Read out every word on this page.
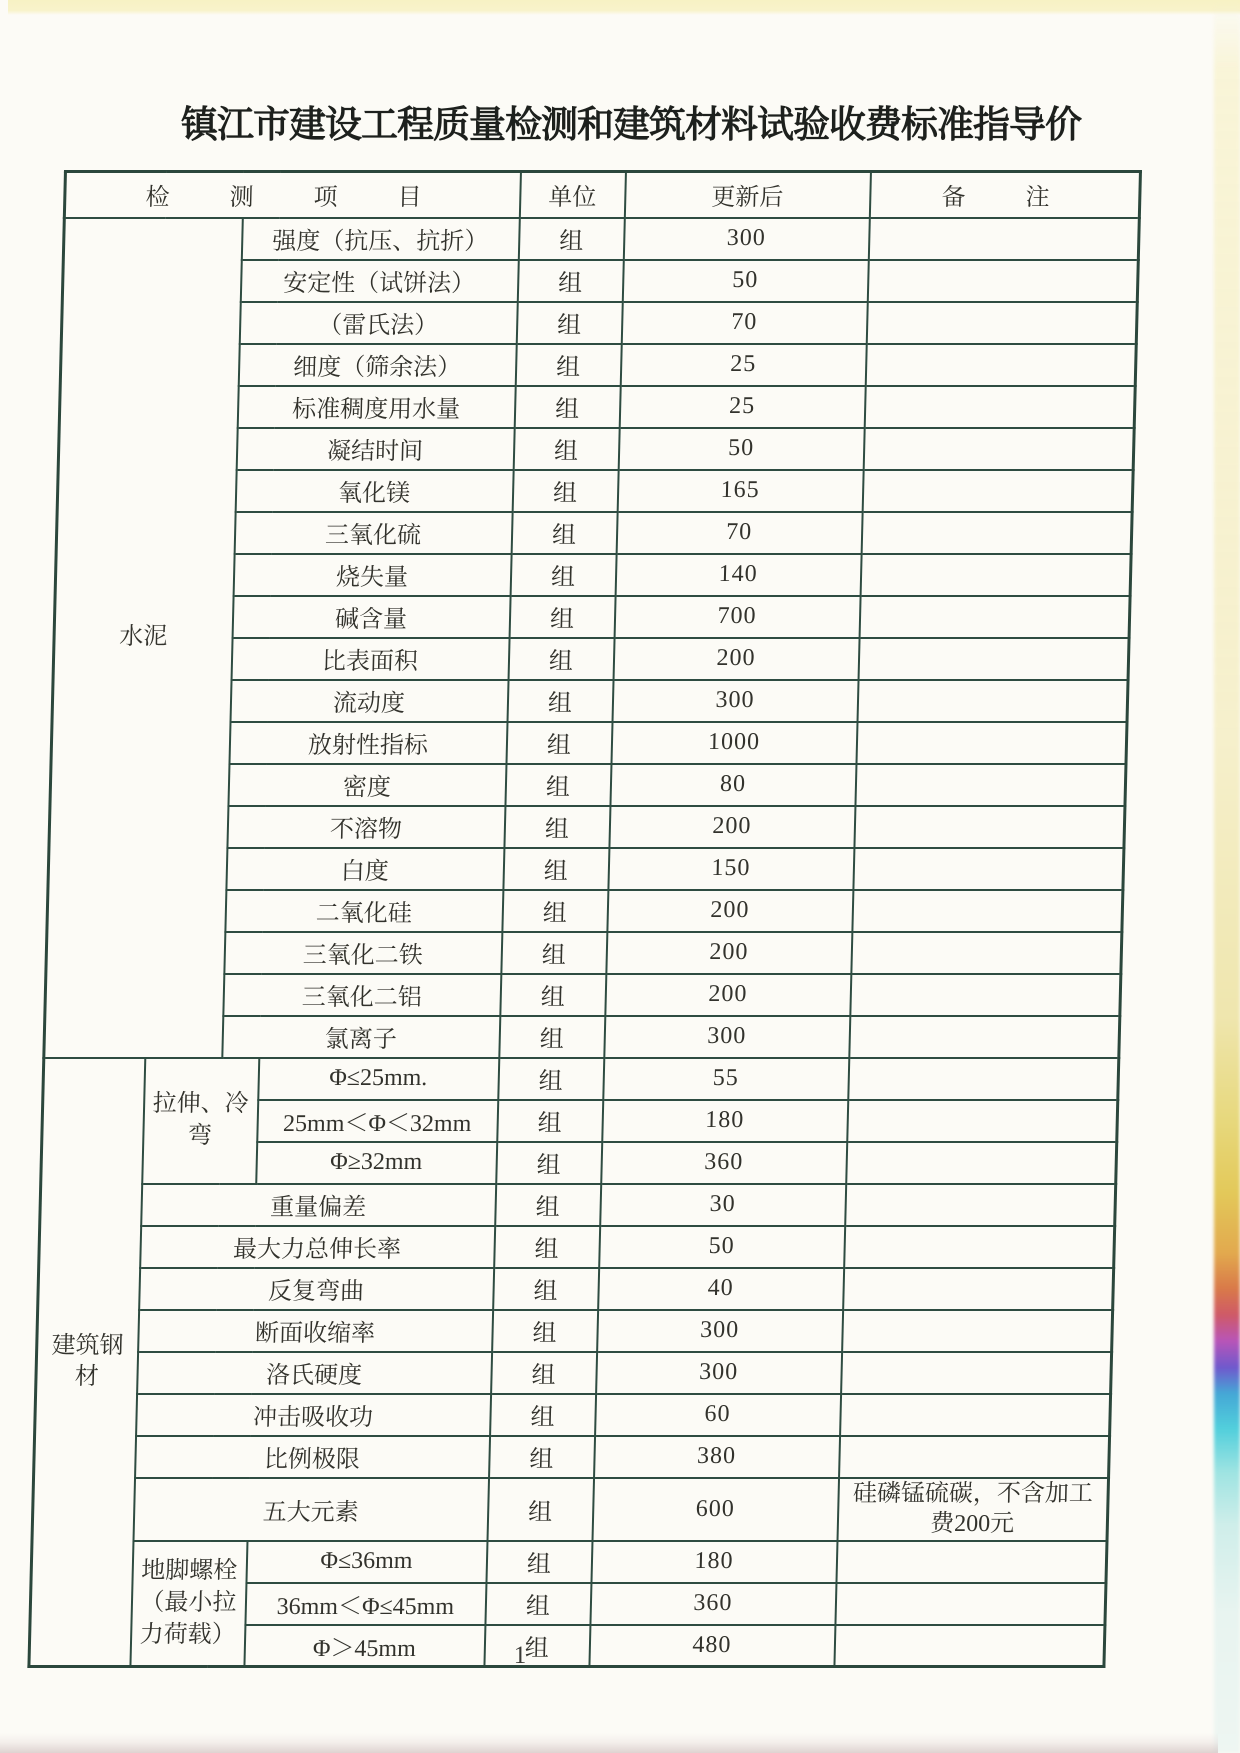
镇江市建设工程质量检测和建筑材料试验收费标准指导价
检　测　项　目				单位	更新后	备　注
水泥		强度（抗压、抗折）		组	300	
		安定性（试饼法）		组	50	
		（雷氏法）		组	70	
		细度（筛余法）		组	25	
		标准稠度用水量		组	25	
		凝结时间		组	50	
		氧化镁		组	165	
		三氧化硫		组	70	
		烧失量		组	140	
		碱含量		组	700	
		比表面积		组	200	
		流动度		组	300	
		放射性指标		组	1000	
		密度		组	80	
		不溶物		组	200	
		白度		组	150	
		二氧化硅		组	200	
		三氧化二铁		组	200	
		三氧化二铝		组	200	
		氯离子		组	300	
建筑钢材	拉伸、冷弯		Φ≤25mm.	组	55	
			25mm＜Φ＜32mm	组	180	
			Φ≥32mm	组	360	
	重量偏差			组	30	
	最大力总伸长率			组	50	
	反复弯曲			组	40	
	断面收缩率			组	300	
	洛氏硬度			组	300	
	冲击吸收功			组	60	
	比例极限			组	380	
	五大元素			组	600	硅磷锰硫碳，不含加工费200元
	地脚螺栓（最小拉力荷载）		Φ≤36mm	组	180	
			36mm＜Φ≤45mm	组	360	
			Φ＞45mm	组	480	
1
